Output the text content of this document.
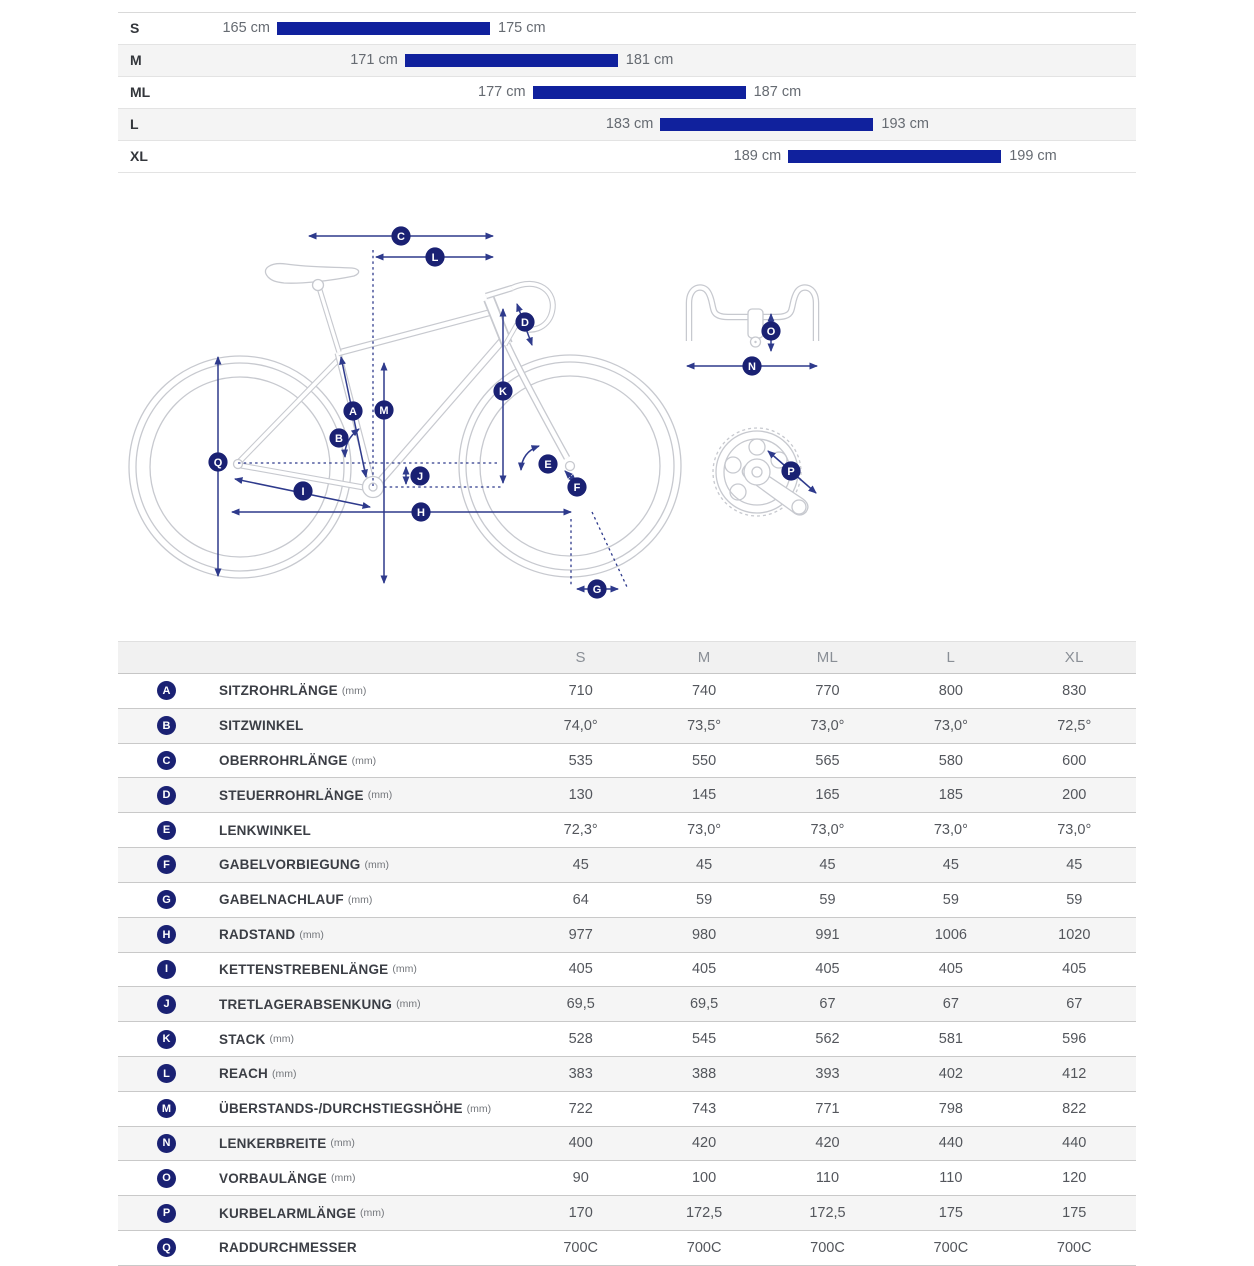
S	165 cm	175 cm
M	171 cm	181 cm
ML	177 cm	187 cm
L	183 cm	193 cm
XL	189 cm	199 cm
A
B
C
D
E
F
G
H
I
J
K
L
M
N
O
P
Q
S	M	ML	L	XL
A	SITZROHRLÄNGE (mm)	710	740	770	800	830
B	SITZWINKEL	74,0°	73,5°	73,0°	73,0°	72,5°
C	OBERROHRLÄNGE (mm)	535	550	565	580	600
D	STEUERROHRLÄNGE (mm)	130	145	165	185	200
E	LENKWINKEL	72,3°	73,0°	73,0°	73,0°	73,0°
F	GABELVORBIEGUNG (mm)	45	45	45	45	45
G	GABELNACHLAUF (mm)	64	59	59	59	59
H	RADSTAND (mm)	977	980	991	1006	1020
I	KETTENSTREBENLÄNGE (mm)	405	405	405	405	405
J	TRETLAGERABSENKUNG (mm)	69,5	69,5	67	67	67
K	STACK (mm)	528	545	562	581	596
L	REACH (mm)	383	388	393	402	412
M	ÜBERSTANDS-/DURCHSTIEGSHÖHE (mm)	722	743	771	798	822
N	LENKERBREITE (mm)	400	420	420	440	440
O	VORBAULÄNGE (mm)	90	100	110	110	120
P	KURBELARMLÄNGE (mm)	170	172,5	172,5	175	175
Q	RADDURCHMESSER	700C	700C	700C	700C	700C
